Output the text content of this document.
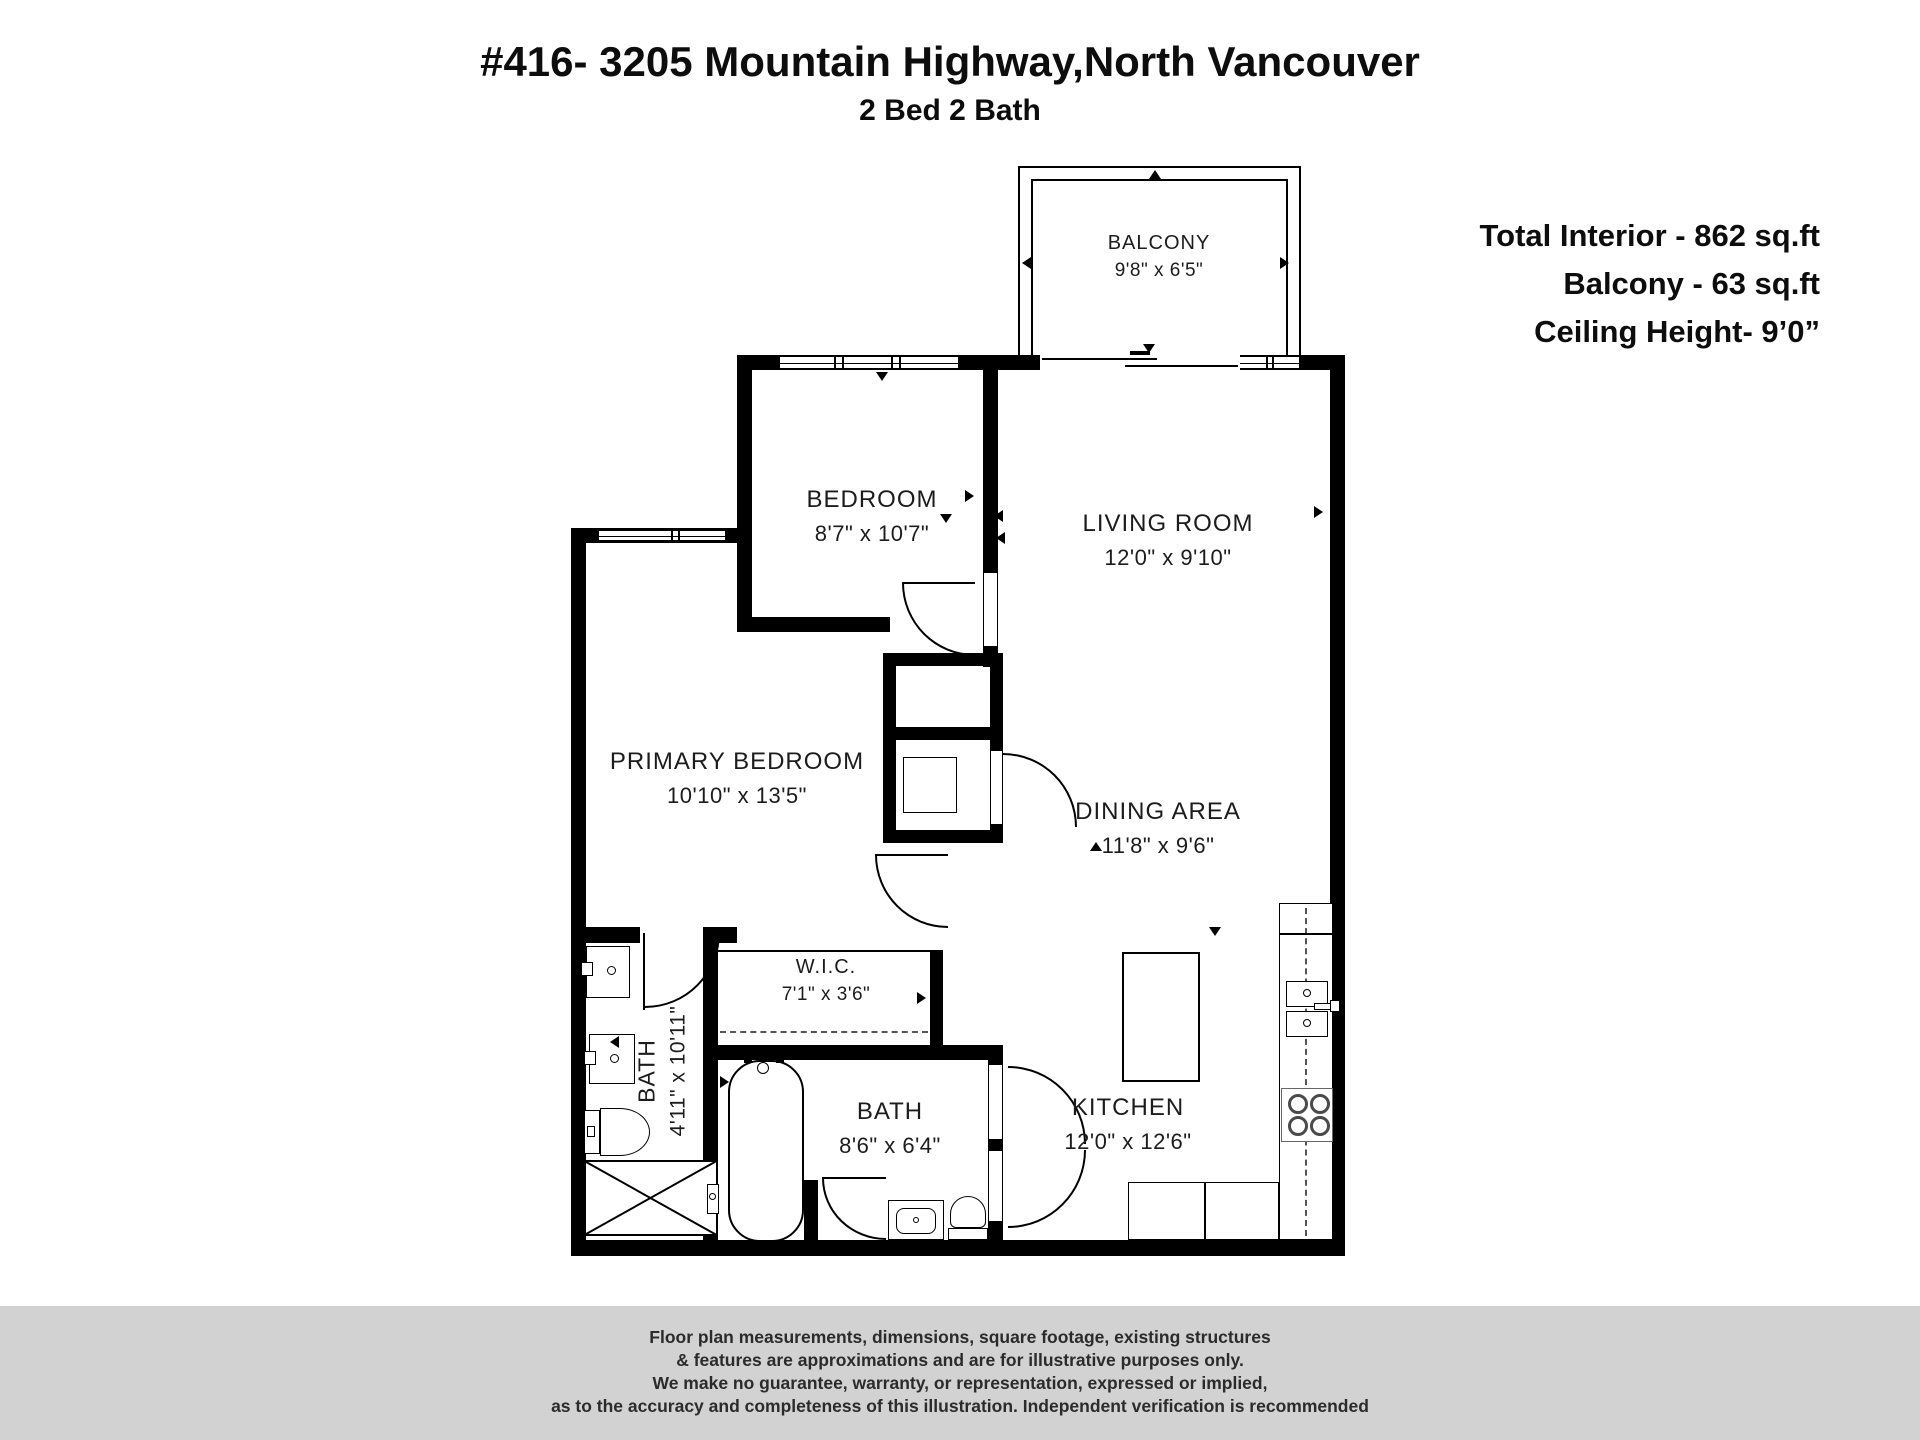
#416- 3205 Mountain Highway,North Vancouver
2 Bed 2 Bath
Total Interior - 862 sq.ft
Balcony - 63 sq.ft
Ceiling Height- 9’0”
BALCONY
9'8" x 6'5"
BEDROOM
8'7" x 10'7"	LIVING ROOM
12'0" x 9'10"
PRIMARY BEDROOM
10'10" x 13'5"
DINING AREA
11'8" x 9'6"
W.I.C.
7'1" x 3'6"
BATH 4'11" x 10'11"	BATH
8'6" x 6'4"
KITCHEN
12'0" x 12'6"
Floor plan measurements, dimensions, square footage, existing structures
& features are approximations and are for illustrative purposes only.
We make no guarantee, warranty, or representation, expressed or implied,
as to the accuracy and completeness of this illustration. Independent verification is recommended
